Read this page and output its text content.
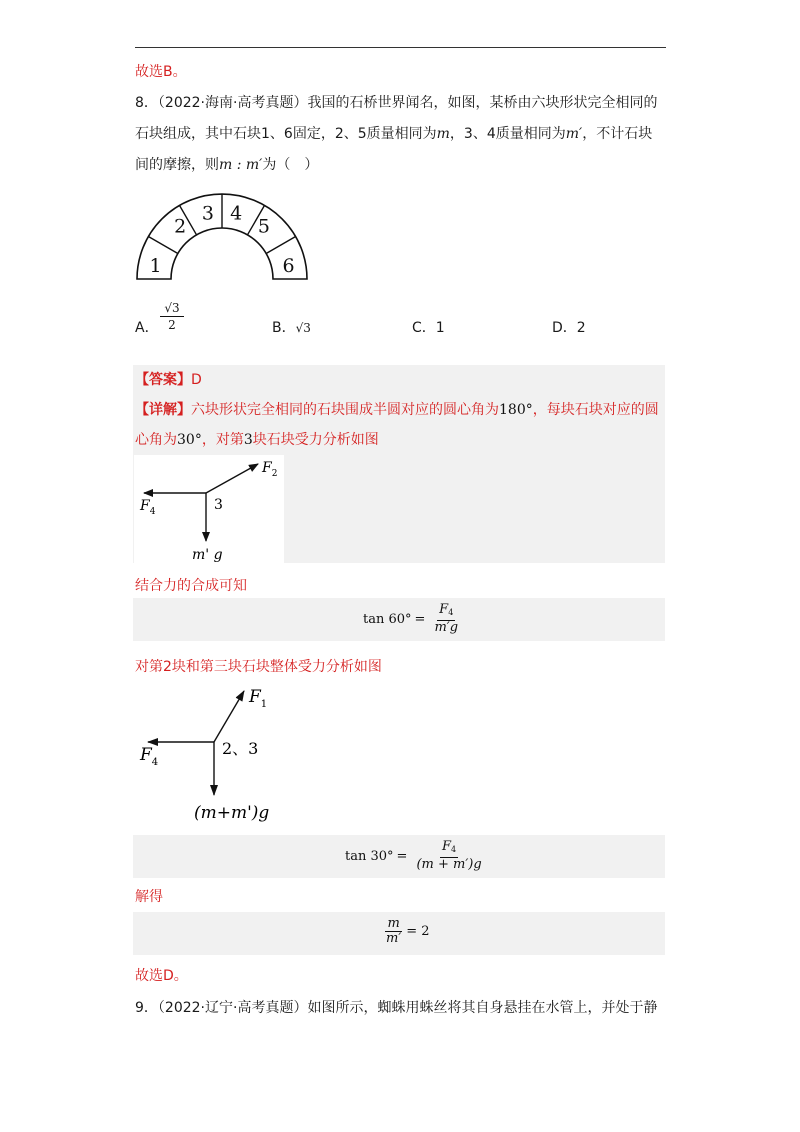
故选B。
8．（2022·海南·高考真题）我国的石桥世界闻名，如图，某桥由六块形状完全相同的
石块组成，其中石块1、6固定，2、5质量相同为m，3、4质量相同为m′，不计石块
间的摩擦，则m : m′为（　）
1
2
3 4
5
6
A． $\frac{√3}{2}$	B．√3	C．1	D．2
【答案】D
【详解】六块形状完全相同的石块围成半圆对应的圆心角为180°，每块石块对应的圆
心角为30°，对第3块石块受力分析如图
$F_2$
$F_4$	3
m' g
结合力的合成可知
$\tan 60^\circ = \frac{F_4}{m'g}$
对第2块和第三块石块整体受力分析如图
$F_1$
$F_4$
2、3
(m+m')g
$\tan 30^\circ = \frac{F_4}{(m + m')g}$
解得
$\frac{m}{m'} = 2$
故选D。
9．（2022·辽宁·高考真题）如图所示，蜘蛛用蛛丝将其自身悬挂在水管上，并处于静
